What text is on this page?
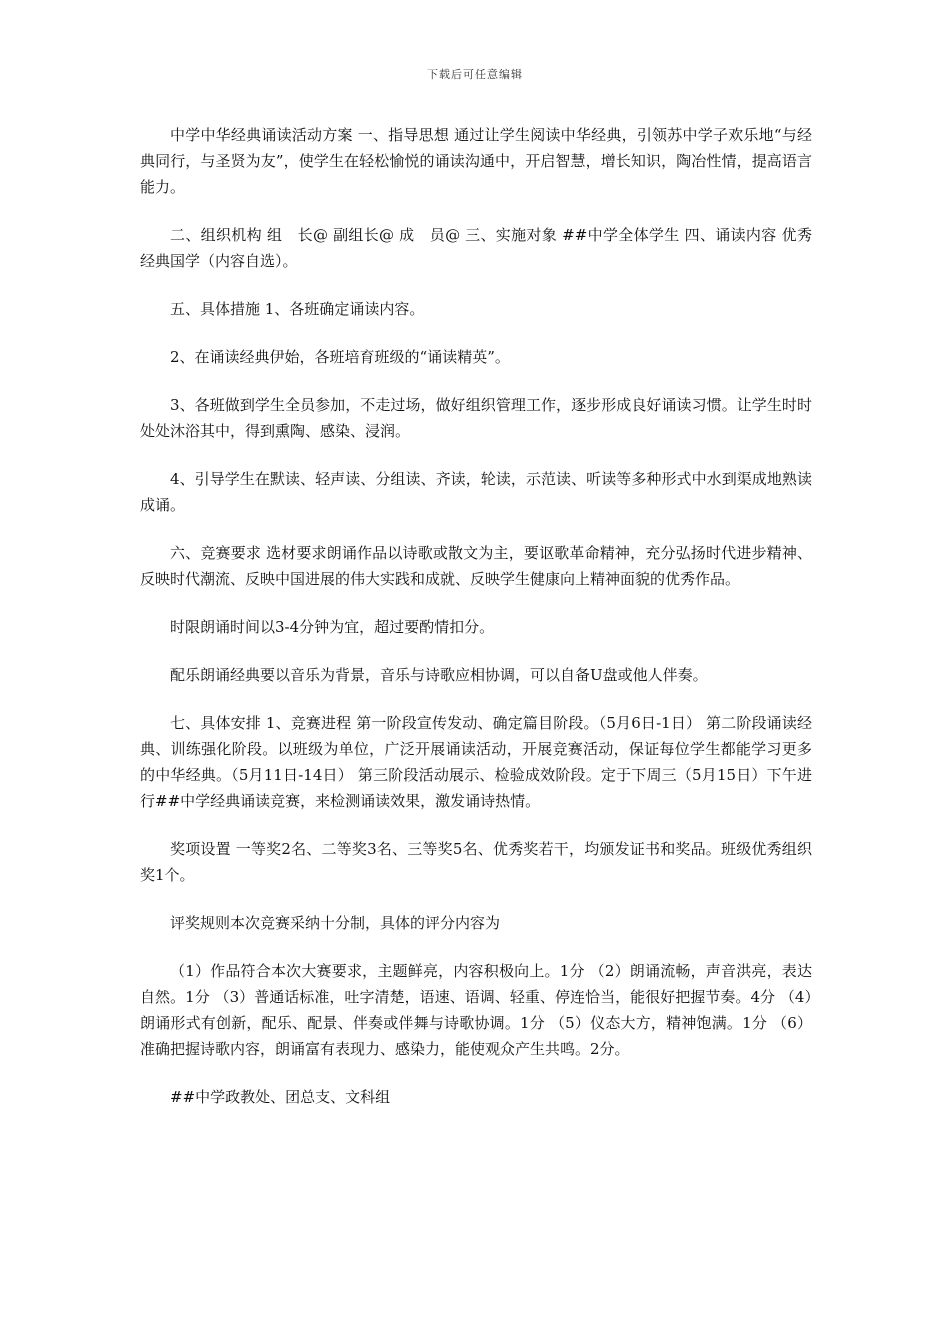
下载后可任意编辑

中学中华经典诵读活动方案 一、指导思想 通过让学生阅读中华经典，引领苏中学子欢乐地“与经典同行，与圣贤为友”，使学生在轻松愉悦的诵读沟通中，开启智慧，增长知识，陶冶性情，提高语言能力。

二、组织机构 组　长@ 副组长@ 成　员@ 三、实施对象 ##中学全体学生 四、诵读内容 优秀经典国学（内容自选）。

五、具体措施 1、各班确定诵读内容。

2、在诵读经典伊始，各班培育班级的“诵读精英”。

3、各班做到学生全员参加，不走过场，做好组织管理工作，逐步形成良好诵读习惯。让学生时时处处沐浴其中，得到熏陶、感染、浸润。

4、引导学生在默读、轻声读、分组读、齐读，轮读，示范读、听读等多种形式中水到渠成地熟读成诵。

六、竞赛要求 选材要求朗诵作品以诗歌或散文为主，要讴歌革命精神，充分弘扬时代进步精神、反映时代潮流、反映中国进展的伟大实践和成就、反映学生健康向上精神面貌的优秀作品。

时限朗诵时间以3-4分钟为宜，超过要酌情扣分。

配乐朗诵经典要以音乐为背景，音乐与诗歌应相协调，可以自备U盘或他人伴奏。

七、具体安排 1、竞赛进程 第一阶段宣传发动、确定篇目阶段。（5月6日-1日） 第二阶段诵读经典、训练强化阶段。以班级为单位，广泛开展诵读活动，开展竞赛活动，保证每位学生都能学习更多的中华经典。（5月11日-14日） 第三阶段活动展示、检验成效阶段。定于下周三（5月15日）下午进行##中学经典诵读竞赛，来检测诵读效果，激发诵诗热情。

奖项设置 一等奖2名、二等奖3名、三等奖5名、优秀奖若干，均颁发证书和奖品。班级优秀组织奖1个。

评奖规则本次竞赛采纳十分制，具体的评分内容为

（1）作品符合本次大赛要求，主题鲜亮，内容积极向上。1分 （2）朗诵流畅，声音洪亮，表达自然。1分 （3）普通话标准，吐字清楚，语速、语调、轻重、停连恰当，能很好把握节奏。4分 （4）朗诵形式有创新，配乐、配景、伴奏或伴舞与诗歌协调。1分 （5）仪态大方，精神饱满。1分 （6）准确把握诗歌内容，朗诵富有表现力、感染力，能使观众产生共鸣。2分。

##中学政教处、团总支、文科组
